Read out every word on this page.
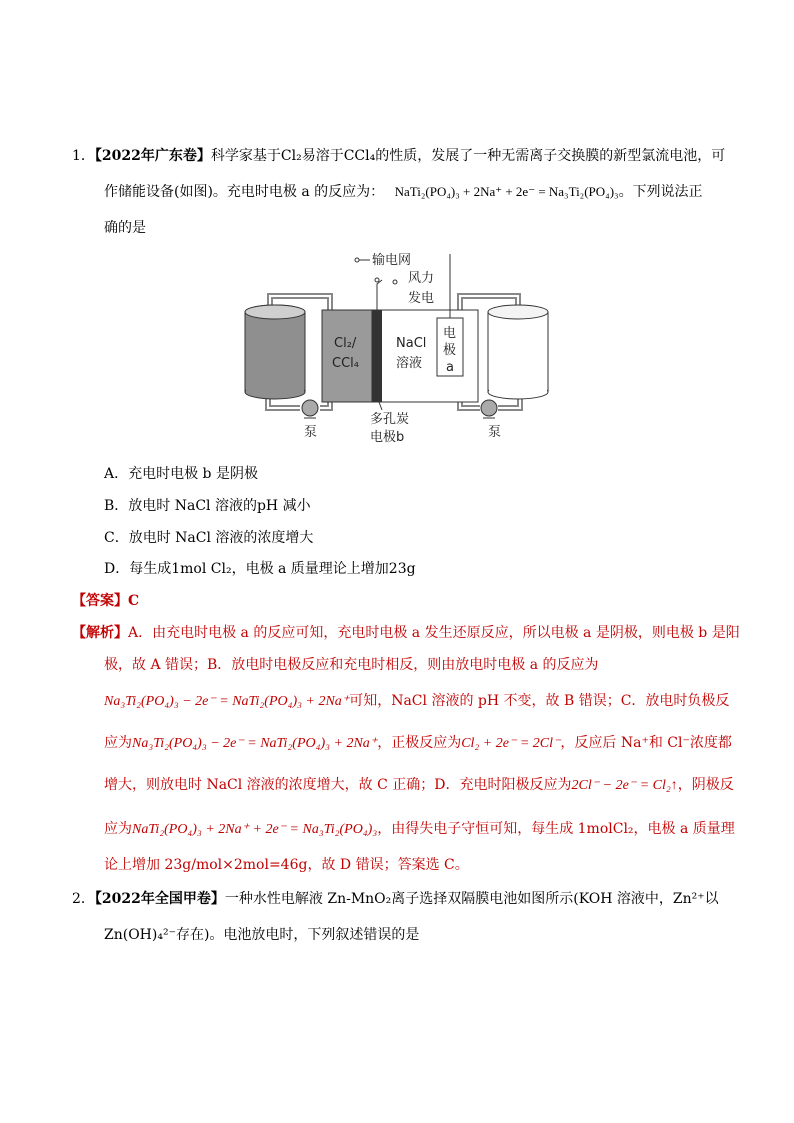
1．【2022年广东卷】科学家基于Cl₂易溶于CCl₄的性质，发展了一种无需离子交换膜的新型氯流电池，可
作储能设备(如图)。充电时电极 a 的反应为： NaTi₂(PO₄)₃ + 2Na⁺ + 2e⁻ = Na₃Ti₂(PO₄)₃。下列说法正
确的是
输电网
风力
发电
Cl₂/
CCl₄
NaCl
溶液
电
极
a
多孔炭
电极b
泵	泵
A．充电时电极 b 是阴极
B．放电时 NaCl 溶液的pH 减小
C．放电时 NaCl 溶液的浓度增大
D．每生成1mol Cl₂，电极 a 质量理论上增加23g
【答案】C
【解析】A．由充电时电极 a 的反应可知，充电时电极 a 发生还原反应，所以电极 a 是阴极，则电极 b 是阳
极，故 A 错误；B．放电时电极反应和充电时相反，则由放电时电极 a 的反应为
Na₃Ti₂(PO₄)₃ − 2e⁻ = NaTi₂(PO₄)₃ + 2Na⁺可知，NaCl 溶液的 pH 不变，故 B 错误；C．放电时负极反
应为Na₃Ti₂(PO₄)₃ − 2e⁻ = NaTi₂(PO₄)₃ + 2Na⁺，正极反应为Cl₂ + 2e⁻ = 2Cl⁻，反应后 Na⁺和 Cl⁻浓度都
增大，则放电时 NaCl 溶液的浓度增大，故 C 正确；D．充电时阳极反应为2Cl⁻ − 2e⁻ = Cl₂↑，阴极反
应为NaTi₂(PO₄)₃ + 2Na⁺ + 2e⁻ = Na₃Ti₂(PO₄)₃，由得失电子守恒可知，每生成 1molCl₂，电极 a 质量理
论上增加 23g/mol×2mol=46g，故 D 错误；答案选 C。
2．【2022年全国甲卷】一种水性电解液 Zn-MnO₂离子选择双隔膜电池如图所示(KOH 溶液中，Zn²⁺以
Zn(OH)₄²⁻存在)。电池放电时，下列叙述错误的是
